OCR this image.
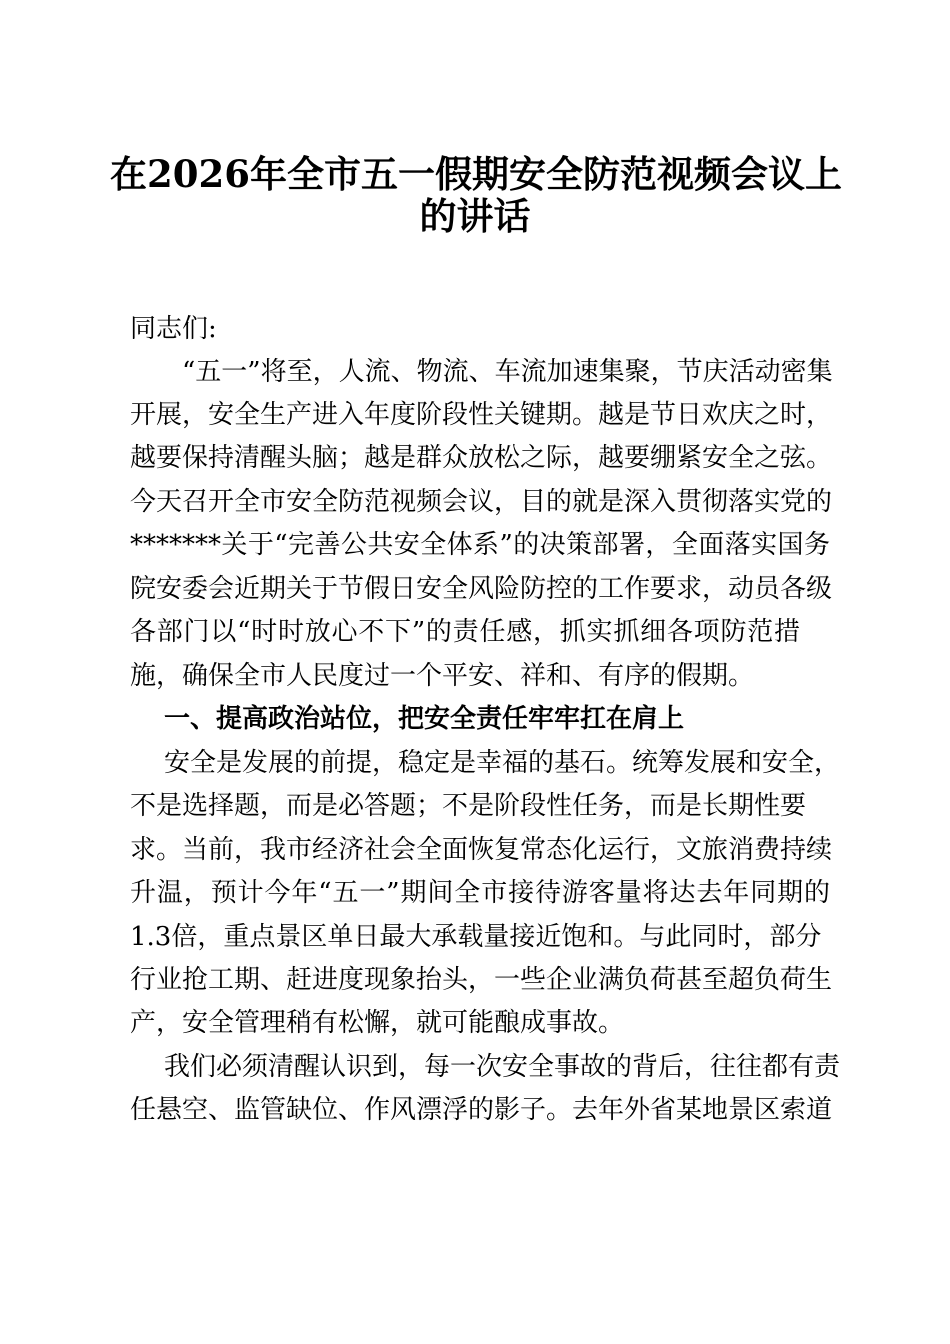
在2026年全市五一假期安全防范视频会议上
的讲话
同志们:
“五一”将至，人流、物流、车流加速集聚，节庆活动密集
开展，安全生产进入年度阶段性关键期。越是节日欢庆之时，
越要保持清醒头脑；越是群众放松之际，越要绷紧安全之弦。
今天召开全市安全防范视频会议，目的就是深入贯彻落实党的
*******关于“完善公共安全体系”的决策部署，全面落实国务
院安委会近期关于节假日安全风险防控的工作要求，动员各级
各部门以“时时放心不下”的责任感，抓实抓细各项防范措
施，确保全市人民度过一个平安、祥和、有序的假期。
一、提高政治站位，把安全责任牢牢扛在肩上
安全是发展的前提，稳定是幸福的基石。统筹发展和安全，
不是选择题，而是必答题；不是阶段性任务，而是长期性要
求。当前，我市经济社会全面恢复常态化运行，文旅消费持续
升温，预计今年“五一”期间全市接待游客量将达去年同期的
1.3倍，重点景区单日最大承载量接近饱和。与此同时，部分
行业抢工期、赶进度现象抬头，一些企业满负荷甚至超负荷生
产，安全管理稍有松懈，就可能酿成事故。
我们必须清醒认识到，每一次安全事故的背后，往往都有责
任悬空、监管缺位、作风漂浮的影子。去年外省某地景区索道
